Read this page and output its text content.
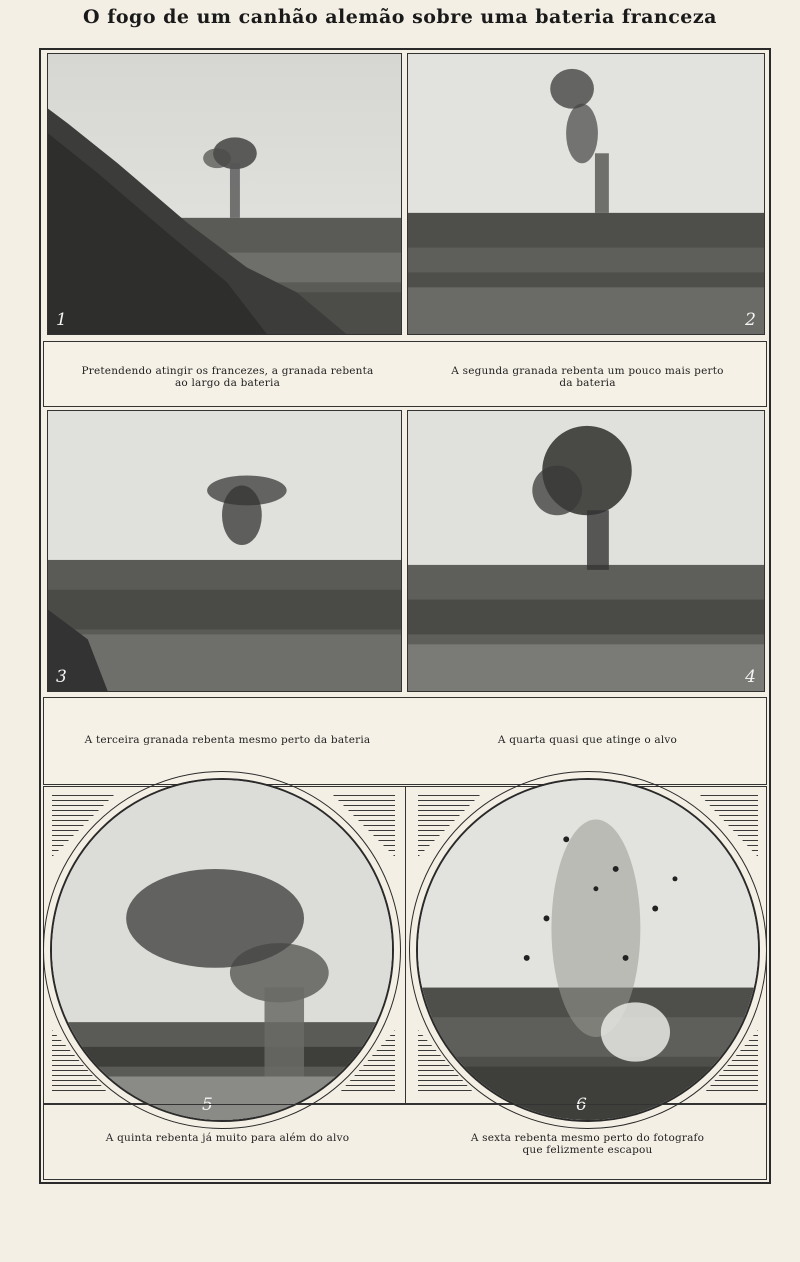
O fogo de um canhão alemão sobre uma bateria franceza
1	2
Pretendendo atingir os francezes, a granada rebenta
ao largo da bateria
A segunda granada rebenta um pouco mais perto
da bateria
3	4
A terceira granada rebenta mesmo perto da bateria	A quarta quasi que atinge o alvo
5	6
A quinta rebenta já muito para além do alvo	A sexta rebenta mesmo perto do fotografo
que felizmente escapou
